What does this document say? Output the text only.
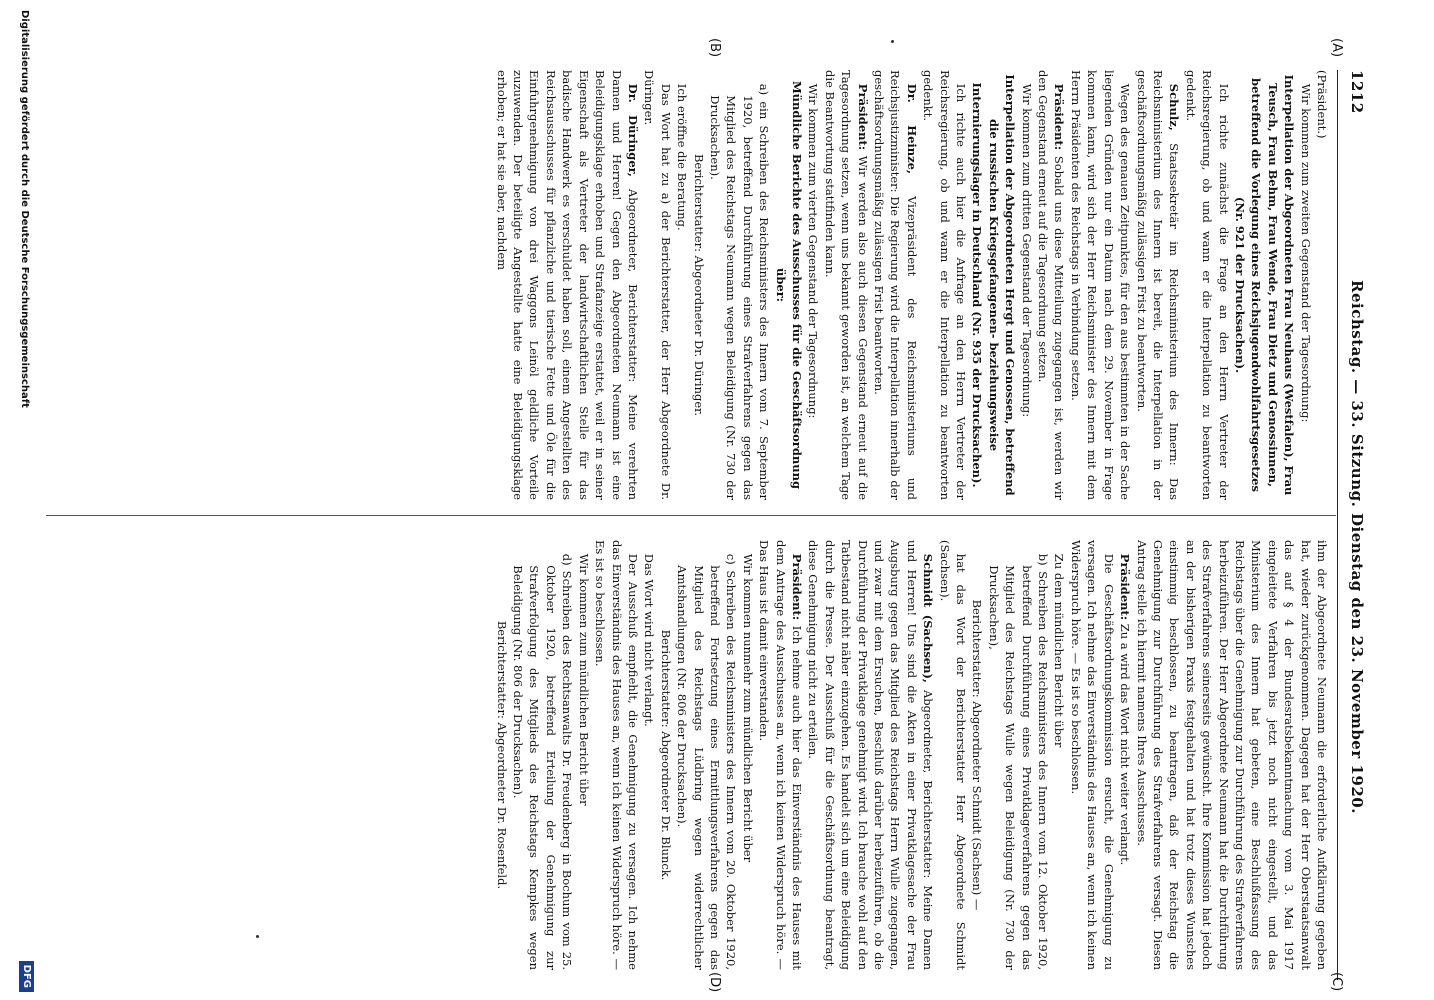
1212
Reichstag. — 33. Sitzung. Dienstag den 23. November 1920.
(A)
(B)
(C)
(D)

(Präsident.)

Wir kommen zum zweiten Gegenstand der Tagesordnung:

Interpellation der Abgeordneten Frau Neuhaus (Westfalen), Frau Teusch, Frau Behm, Frau Wende, Frau Dietz und Genossinnen, betreffend die Vorlegung eines Reichsjugendwohlfahrtsgesetzes (Nr. 921 der Drucksachen).

Ich richte zunächst die Frage an den Herrn Vertreter der Reichsregierung, ob und wann er die Interpellation zu beantworten gedenkt.

Schulz, Staatssekretär im Reichsministerium des Innern: Das Reichsministerium des Innern ist bereit, die Interpellation in der geschäftsordnungsmäßig zulässigen Frist zu beantworten.

Wegen des genauen Zeitpunktes, für den aus bestimmten in der Sache liegenden Gründen nur ein Datum nach dem 29. November in Frage kommen kann, wird sich der Herr Reichsminister des Innern mit dem Herrn Präsidenten des Reichstags in Verbindung setzen.

Präsident: Sobald uns diese Mitteilung zugegangen ist, werden wir den Gegenstand erneut auf die Tagesordnung setzen.

Wir kommen zum dritten Gegenstand der Tagesordnung:

Interpellation der Abgeordneten Hergt und Genossen, betreffend die russischen Kriegsgefangenen- beziehungsweise Internierungslager in Deutschland (Nr. 935 der Drucksachen).

Ich richte auch hier die Anfrage an den Herrn Vertreter der Reichsregierung, ob und wann er die Interpellation zu beantworten gedenkt.

Dr. Heinze, Vizepräsident des Reichsministeriums und Reichsjustizminister: Die Regierung wird die Interpellation innerhalb der geschäftsordnungsmäßig zulässigen Frist beantworten.

Präsident: Wir werden also auch diesen Gegenstand erneut auf die Tagesordnung setzen, wenn uns bekannt geworden ist, an welchem Tage die Beantwortung stattfinden kann.

Wir kommen zum vierten Gegenstand der Tagesordnung:

Mündliche Berichte des Ausschusses für die Geschäftsordnung über:

a) ein Schreiben des Reichsministers des Innern vom 7. September 1920, betreffend Durchführung eines Strafverfahrens gegen das Mitglied des Reichstags Neumann wegen Beleidigung (Nr. 730 der Drucksachen).

Berichterstatter: Abgeordneter Dr. Düringer.

Ich eröffne die Beratung.

Das Wort hat zu a) der Berichterstatter, der Herr Abgeordnete Dr. Düringer.

Dr. Düringer, Abgeordneter, Berichterstatter: Meine verehrten Damen und Herren! Gegen den Abgeordneten Neumann ist eine Beleidigungsklage erhoben und Strafanzeige erstattet, weil er in seiner Eigenschaft als Vertreter der landwirtschaftlichen Stelle für das badische Handwerk es verschuldet haben soll, einem Angestellten des Reichsausschusses für pflanzliche und tierische Fette und Öle für die Einfuhrgenehmigung von drei Waggons Leinöl geldliche Vorteile zuzuwenden. Der beteiligte Angestellte hatte eine Beleidigungsklage erhoben; er hat sie aber, nachdem

ihm der Abgeordnete Neumann die erforderliche Aufklärung gegeben hat, wieder zurückgenommen. Dagegen hat der Herr Oberstaatsanwalt das auf § 4 der Bundesratsbekanntmachung vom 3. Mai 1917 eingeleitete Verfahren bis jetzt noch nicht eingestellt, und das Ministerium des Innern hat gebeten, eine Beschlußfassung des Reichstags über die Genehmigung zur Durchführung des Strafverfahrens herbeizuführen. Der Herr Abgeordnete Neumann hat die Durchführung des Strafverfahrens seinerseits gewünscht. Ihre Kommission hat jedoch an der bisherigen Praxis festgehalten und hat trotz dieses Wunsches einstimmig beschlossen, zu beantragen, daß der Reichstag die Genehmigung zur Durchführung des Strafverfahrens versagt. Diesen Antrag stelle ich hiermit namens Ihres Ausschusses.

Präsident: Zu a wird das Wort nicht weiter verlangt.

Die Geschäftsordnungskommission ersucht, die Genehmigung zu versagen. Ich nehme das Einverständnis des Hauses an, wenn ich keinen Widerspruch höre. — Es ist so beschlossen.

Zu dem mündlichen Bericht über

b) Schreiben des Reichsministers des Innern vom 12. Oktober 1920, betreffend Durchführung eines Privatklageverfahrens gegen das Mitglied des Reichstags Wulle wegen Beleidigung (Nr. 730 der Drucksachen),

Berichterstatter: Abgeordneter Schmidt (Sachsen) —

hat das Wort der Berichterstatter Herr Abgeordnete Schmidt (Sachsen).

Schmidt (Sachsen), Abgeordneter, Berichterstatter: Meine Damen und Herren! Uns sind die Akten in einer Privatklagesache der Frau Augsburg gegen das Mitglied des Reichstags Herrn Wulle zugegangen, und zwar mit dem Ersuchen, Beschluß darüber herbeizuführen, ob die Durchführung der Privatklage genehmigt wird. Ich brauche wohl auf den Tatbestand nicht näher einzugehen. Es handelt sich um eine Beleidigung durch die Presse. Der Ausschuß für die Geschäftsordnung beantragt, diese Genehmigung nicht zu erteilen.

Präsident: Ich nehme auch hier das Einverständnis des Hauses mit dem Antrage des Ausschusses an, wenn ich keinen Widerspruch höre. — Das Haus ist damit einverstanden.

Wir kommen nunmehr zum mündlichen Bericht über

c) Schreiben des Reichsministers des Innern vom 20. Oktober 1920, betreffend Fortsetzung eines Ermittlungsverfahrens gegen das Mitglied des Reichstags Lüdbring wegen widerrechtlicher Amtshandlungen (Nr. 806 der Drucksachen).

Berichterstatter: Abgeordneter Dr. Blunck.

Das Wort wird nicht verlangt.

Der Ausschuß empfiehlt, die Genehmigung zu versagen. Ich nehme das Einverständnis des Hauses an, wenn ich keinen Widerspruch höre. — Es ist so beschlossen.

Wir kommen zum mündlichen Bericht über

d) Schreiben des Rechtsanwalts Dr. Freudenberg in Bochum vom 25. Oktober 1920, betreffend Erteilung der Genehmigung zur Strafverfolgung des Mitglieds des Reichstags Kempkes wegen Beleidigung (Nr. 806 der Drucksachen).

Berichterstatter: Abgeordneter Dr. Rosenfeld.

Digitalisierung gefördert durch die Deutsche Forschungsgemeinschaft
DFG
